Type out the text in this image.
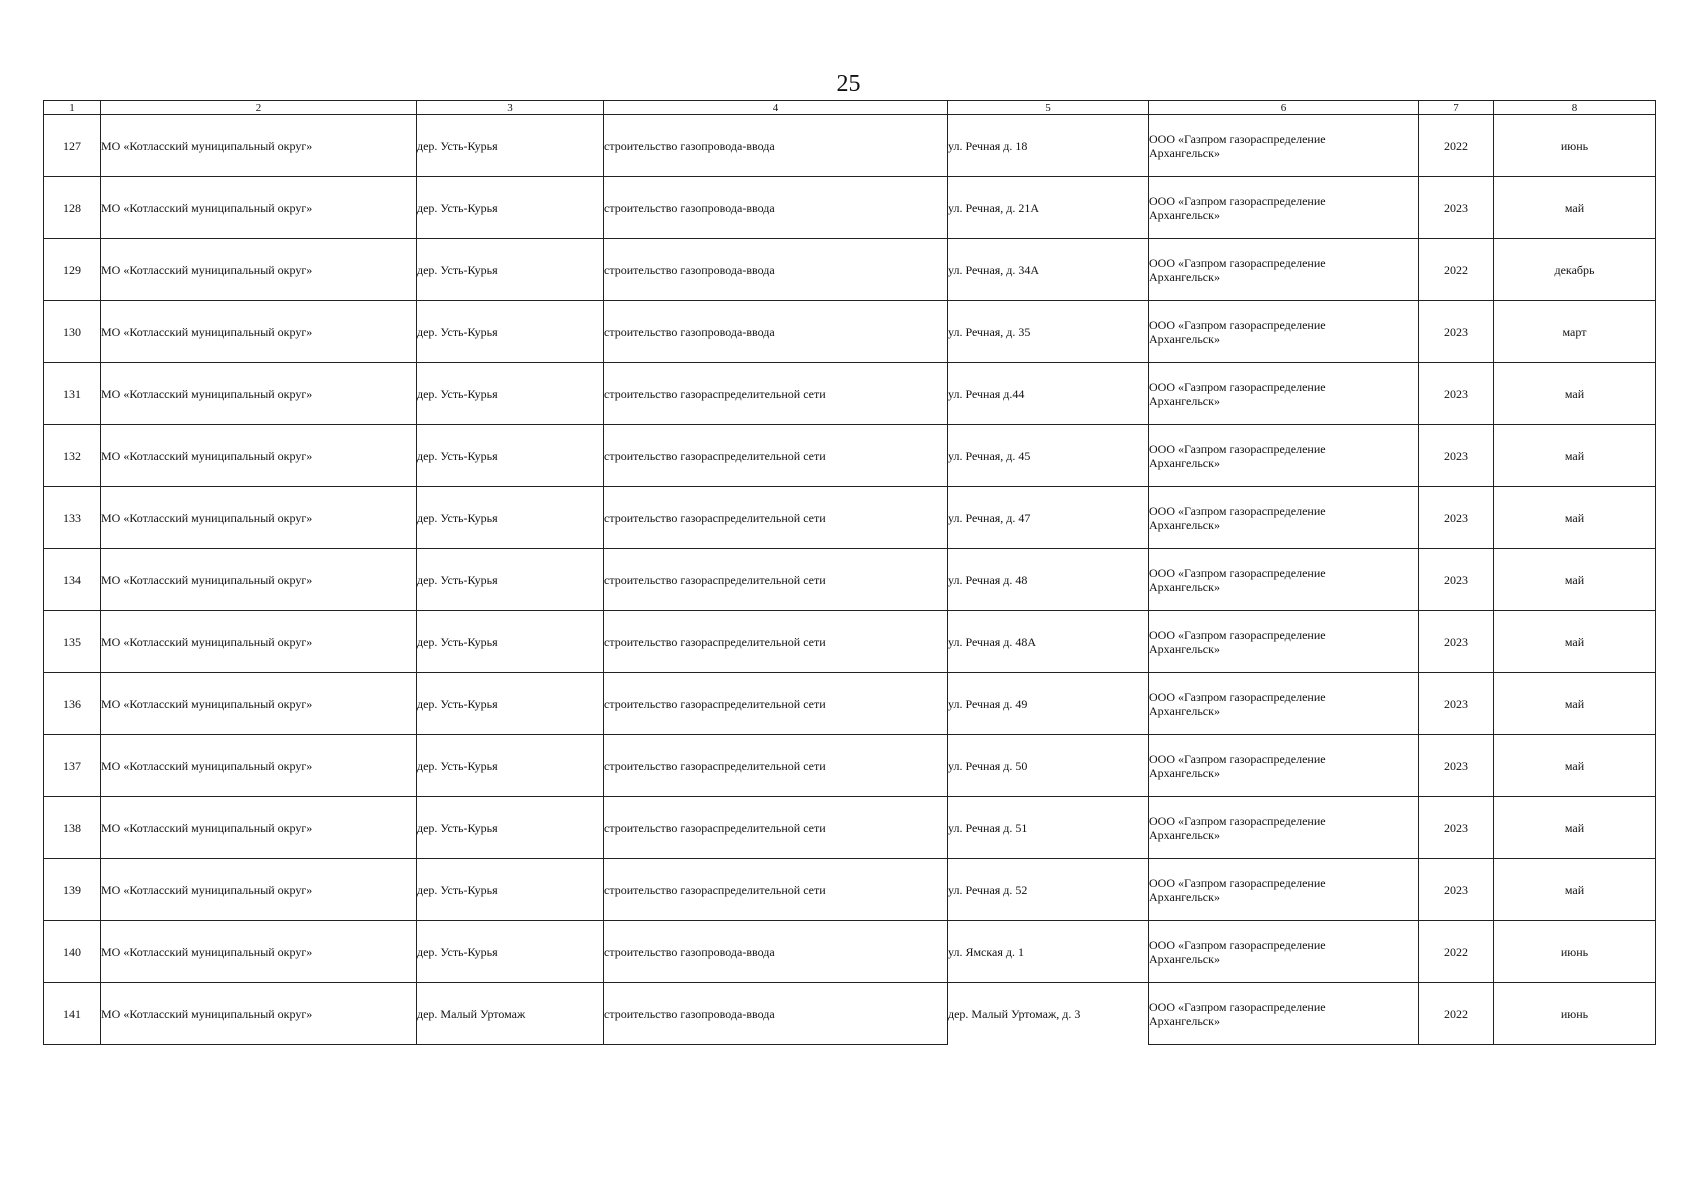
25
1	2	3	4	5	6	7	8
127	МО «Котласский муниципальный округ»	дер. Усть-Курья	строительство газопровода-ввода	ул. Речная д. 18	ООО «Газпром газораспределение
Архангельск»	2022	июнь
128	МО «Котласский муниципальный округ»	дер. Усть-Курья	строительство газопровода-ввода	ул. Речная, д. 21А	ООО «Газпром газораспределение
Архангельск»	2023	май
129	МО «Котласский муниципальный округ»	дер. Усть-Курья	строительство газопровода-ввода	ул. Речная, д. 34А	ООО «Газпром газораспределение
Архангельск»	2022	декабрь
130	МО «Котласский муниципальный округ»	дер. Усть-Курья	строительство газопровода-ввода	ул. Речная, д. 35	ООО «Газпром газораспределение
Архангельск»	2023	март
131	МО «Котласский муниципальный округ»	дер. Усть-Курья	строительство газораспределительной сети	ул. Речная д.44	ООО «Газпром газораспределение
Архангельск»	2023	май
132	МО «Котласский муниципальный округ»	дер. Усть-Курья	строительство газораспределительной сети	ул. Речная, д. 45	ООО «Газпром газораспределение
Архангельск»	2023	май
133	МО «Котласский муниципальный округ»	дер. Усть-Курья	строительство газораспределительной сети	ул. Речная, д. 47	ООО «Газпром газораспределение
Архангельск»	2023	май
134	МО «Котласский муниципальный округ»	дер. Усть-Курья	строительство газораспределительной сети	ул. Речная д. 48	ООО «Газпром газораспределение
Архангельск»	2023	май
135	МО «Котласский муниципальный округ»	дер. Усть-Курья	строительство газораспределительной сети	ул. Речная д. 48А	ООО «Газпром газораспределение
Архангельск»	2023	май
136	МО «Котласский муниципальный округ»	дер. Усть-Курья	строительство газораспределительной сети	ул. Речная д. 49	ООО «Газпром газораспределение
Архангельск»	2023	май
137	МО «Котласский муниципальный округ»	дер. Усть-Курья	строительство газораспределительной сети	ул. Речная д. 50	ООО «Газпром газораспределение
Архангельск»	2023	май
138	МО «Котласский муниципальный округ»	дер. Усть-Курья	строительство газораспределительной сети	ул. Речная д. 51	ООО «Газпром газораспределение
Архангельск»	2023	май
139	МО «Котласский муниципальный округ»	дер. Усть-Курья	строительство газораспределительной сети	ул. Речная д. 52	ООО «Газпром газораспределение
Архангельск»	2023	май
140	МО «Котласский муниципальный округ»	дер. Усть-Курья	строительство газопровода-ввода	ул. Ямская д. 1	ООО «Газпром газораспределение
Архангельск»	2022	июнь
141	МО «Котласский муниципальный округ»	дер. Малый Уртомаж	строительство газопровода-ввода	дер. Малый Уртомаж, д. 3	ООО «Газпром газораспределение
Архангельск»	2022	июнь
